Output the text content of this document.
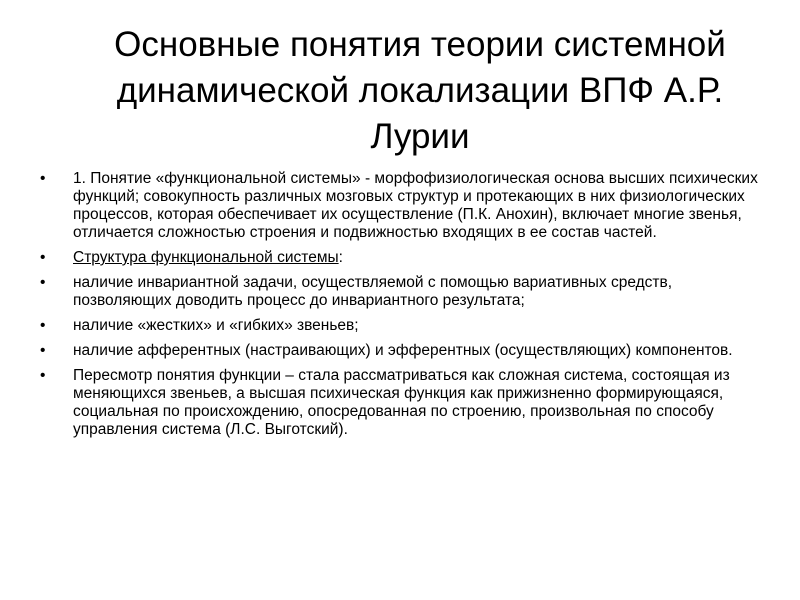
Основные понятия теории системной динамической локализации ВПФ А.Р. Лурии
•	1. Понятие «функциональной системы» - морфофизиологическая основа высших психических функций; совокупность различных мозговых структур и протекающих в них физиологических процессов, которая обеспечивает их осуществление (П.К. Анохин), включает многие звенья, отличается сложностью строения и подвижностью входящих в ее состав частей.
•	Структура функциональной системы:
•	наличие инвариантной задачи, осуществляемой с помощью вариативных средств, позволяющих доводить процесс до инвариантного результата;
•	наличие «жестких» и «гибких» звеньев;
•	наличие афферентных (настраивающих) и эфферентных (осуществляющих) компонентов.
•	Пересмотр понятия функции – стала рассматриваться как сложная система, состоящая из меняющихся звеньев, а высшая психическая функция как прижизненно формирующаяся, социальная по происхождению, опосредованная по строению, произвольная по способу управления система (Л.С. Выготский).
